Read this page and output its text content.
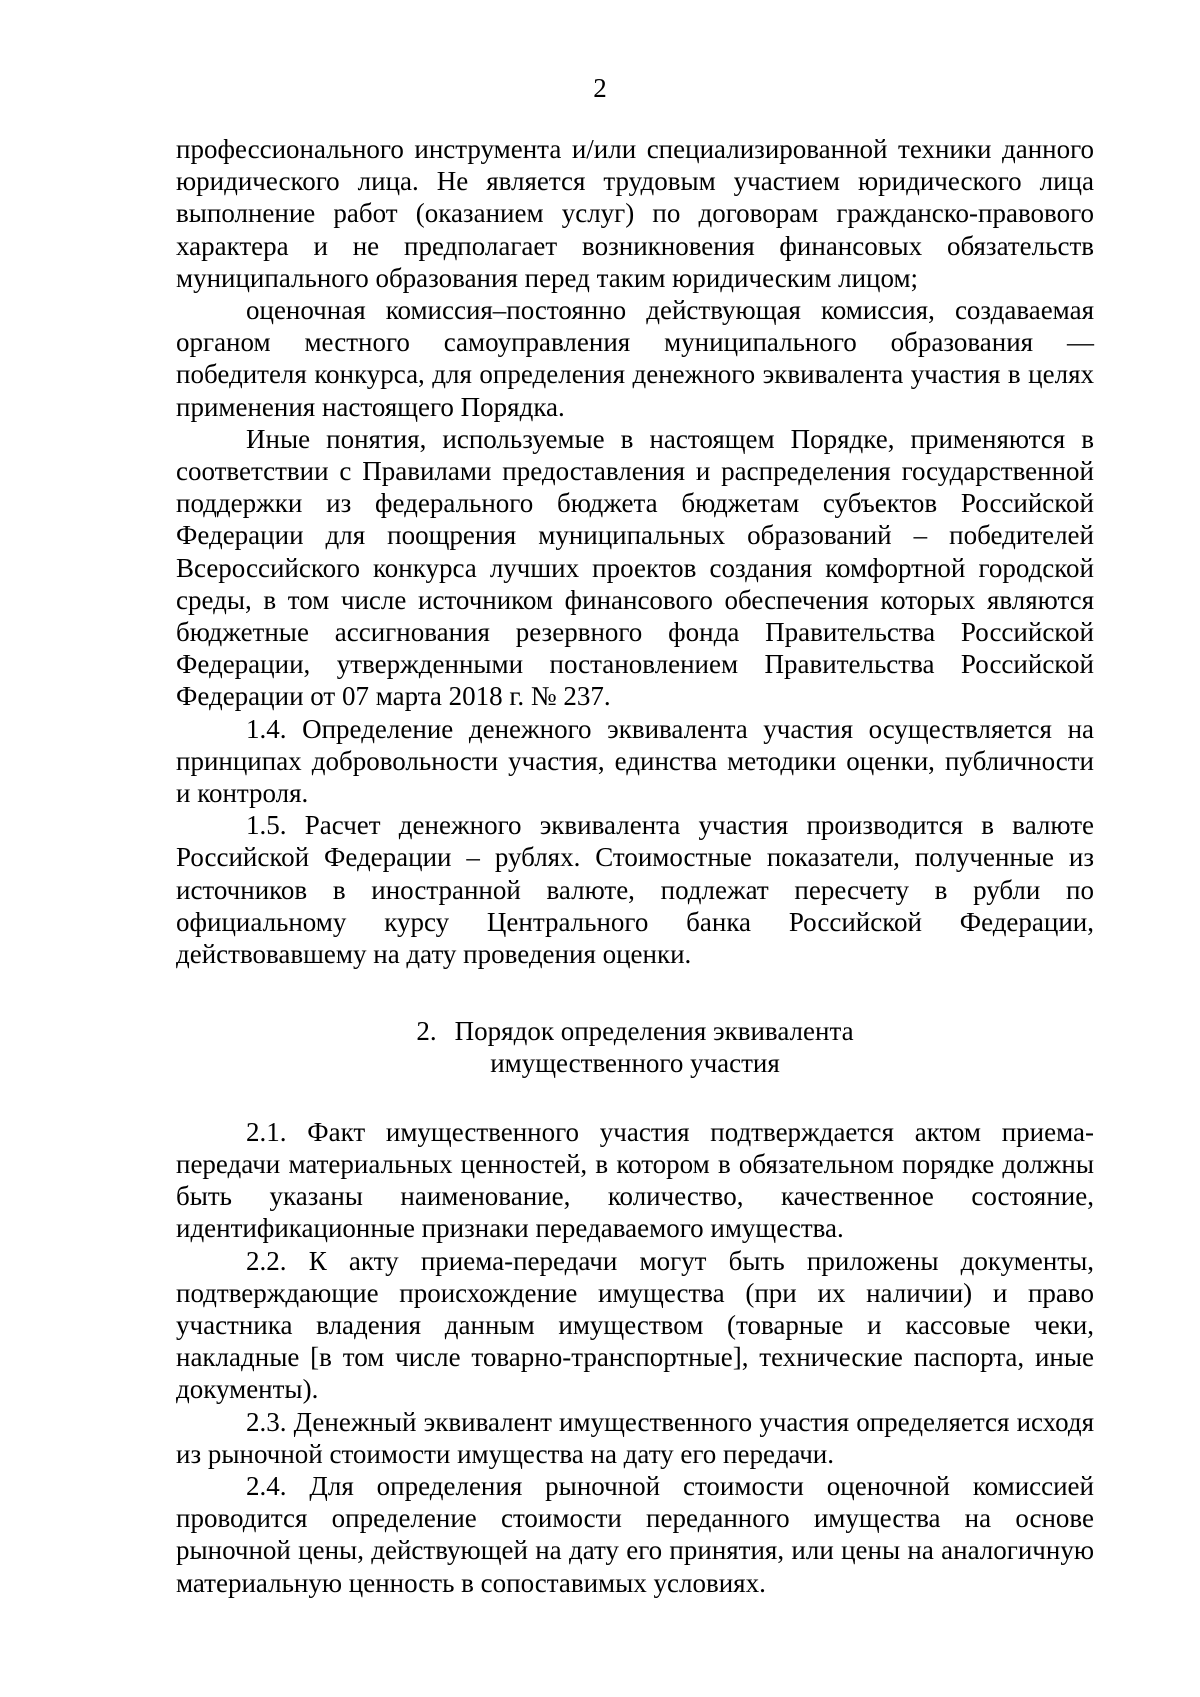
2

профессионального инструмента и/или специализированной техники данного юридического лица. Не является трудовым участием юридического лица выполнение работ (оказанием услуг) по договорам гражданско-правового характера и не предполагает возникновения финансовых обязательств муниципального образования перед таким юридическим лицом;

оценочная комиссия–постоянно действующая комиссия, создаваемая органом местного самоуправления муниципального образования — победителя конкурса, для определения денежного эквивалента участия в целях применения настоящего Порядка.

Иные понятия, используемые в настоящем Порядке, применяются в соответствии с Правилами предоставления и распределения государственной поддержки из федерального бюджета бюджетам субъектов Российской Федерации для поощрения муниципальных образований – победителей Всероссийского конкурса лучших проектов создания комфортной городской среды, в том числе источником финансового обеспечения которых являются бюджетные ассигнования резервного фонда Правительства Российской Федерации, утвержденными постановлением Правительства Российской Федерации от 07 марта 2018 г. № 237.

1.4. Определение денежного эквивалента участия осуществляется на принципах добровольности участия, единства методики оценки, публичности и контроля.

1.5. Расчет денежного эквивалента участия производится в валюте Российской Федерации – рублях. Стоимостные показатели, полученные из источников в иностранной валюте, подлежат пересчету в рубли по официальному курсу Центрального банка Российской Федерации, действовавшему на дату проведения оценки.

2. Порядок определения эквивалента
имущественного участия

2.1. Факт имущественного участия подтверждается актом приема-передачи материальных ценностей, в котором в обязательном порядке должны быть указаны наименование, количество, качественное состояние, идентификационные признаки передаваемого имущества.

2.2. К акту приема-передачи могут быть приложены документы, подтверждающие происхождение имущества (при их наличии) и право участника владения данным имуществом (товарные и кассовые чеки, накладные [в том числе товарно-транспортные], технические паспорта, иные документы).

2.3. Денежный эквивалент имущественного участия определяется исходя из рыночной стоимости имущества на дату его передачи.

2.4. Для определения рыночной стоимости оценочной комиссией проводится определение стоимости переданного имущества на основе рыночной цены, действующей на дату его принятия, или цены на аналогичную материальную ценность в сопоставимых условиях.
